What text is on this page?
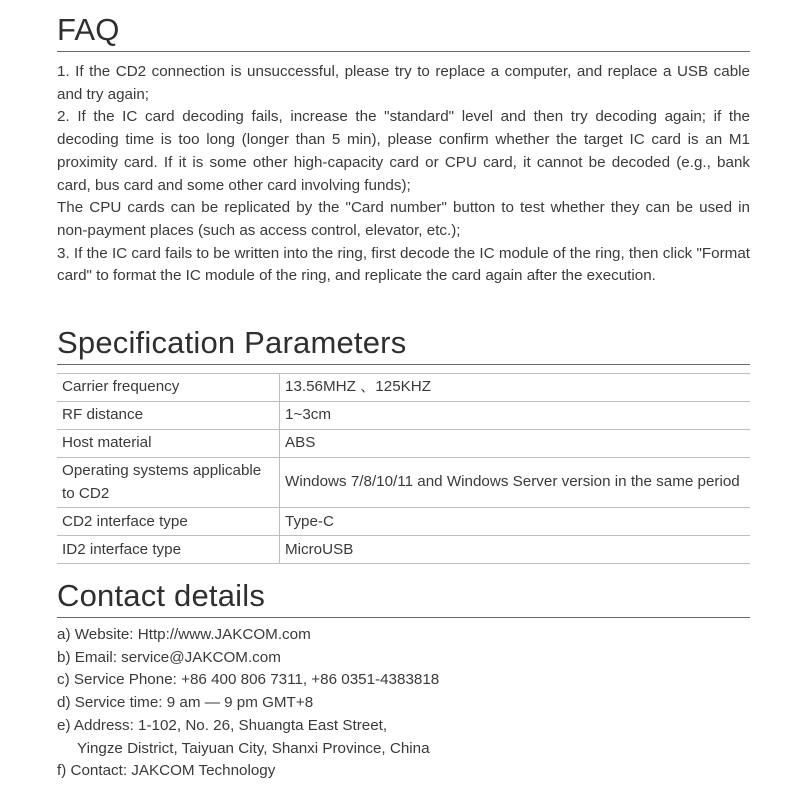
FAQ

1. If the CD2 connection is unsuccessful, please try to replace a computer, and replace a USB cable and try again;

2. If the IC card decoding fails, increase the "standard" level and then try decoding again; if the decoding time is too long (longer than 5 min), please confirm whether the target IC card is an M1 proximity card. If it is some other high-capacity card or CPU card, it cannot be decoded (e.g., bank card, bus card and some other card involving funds);

The CPU cards can be replicated by the "Card number" button to test whether they can be used in non-payment places (such as access control, elevator, etc.);

3. If the IC card fails to be written into the ring, first decode the IC module of the ring, then click "Format card" to format the IC module of the ring, and replicate the card again after the execution.

Specification Parameters
Carrier frequency	13.56MHZ 、125KHZ
RF distance	1~3cm
Host material	ABS
Operating systems applicable to CD2	Windows 7/8/10/11 and Windows Server version in the same period
CD2 interface type	Type-C
ID2 interface type	MicroUSB
Contact details
a) Website: Http://www.JAKCOM.com
b) Email: service@JAKCOM.com
c) Service Phone: +86 400 806 7311, +86 0351-4383818
d) Service time: 9 am — 9 pm GMT+8
e) Address: 1-102, No. 26, Shuangta East Street,
Yingze District, Taiyuan City, Shanxi Province, China
f) Contact: JAKCOM Technology
